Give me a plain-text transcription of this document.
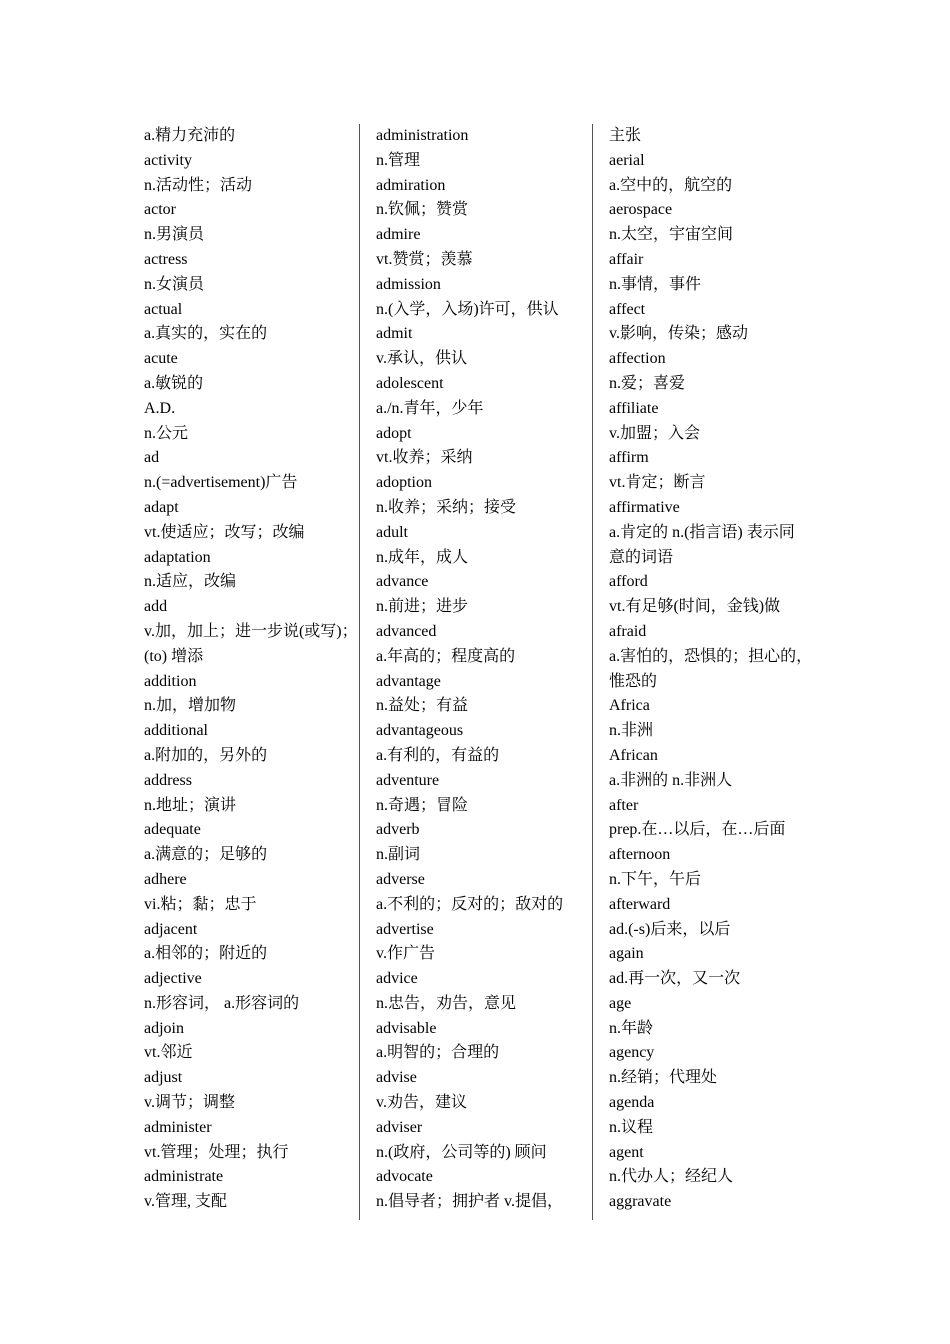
a.精力充沛的
activity
n.活动性；活动
actor
n.男演员
actress
n.女演员
actual
a.真实的，实在的
acute
a.敏锐的
A.D.
n.公元
ad
n.(=advertisement)广告
adapt
vt.使适应；改写；改编
adaptation
n.适应，改编
add
v.加，加上；进一步说(或写)；
(to) 增添
addition
n.加，增加物
additional
a.附加的，另外的
address
n.地址；演讲
adequate
a.满意的；足够的
adhere
vi.粘；黏；忠于
adjacent
a.相邻的；附近的
adjective
n.形容词， a.形容词的
adjoin
vt.邻近
adjust
v.调节；调整
administer
vt.管理；处理；执行
administrate
v.管理, 支配
administration
n.管理
admiration
n.钦佩；赞赏
admire
vt.赞赏；羡慕
admission
n.(入学，入场)许可，供认
admit
v.承认，供认
adolescent
a./n.青年，少年
adopt
vt.收养；采纳
adoption
n.收养；采纳；接受
adult
n.成年，成人
advance
n.前进；进步
advanced
a.年高的；程度高的
advantage
n.益处；有益
advantageous
a.有利的，有益的
adventure
n.奇遇；冒险
adverb
n.副词
adverse
a.不利的；反对的；敌对的
advertise
v.作广告
advice
n.忠告，劝告，意见
advisable
a.明智的；合理的
advise
v.劝告，建议
adviser
n.(政府，公司等的) 顾问
advocate
n.倡导者；拥护者 v.提倡，
主张
aerial
a.空中的，航空的
aerospace
n.太空，宇宙空间
affair
n.事情，事件
affect
v.影响，传染；感动
affection
n.爱；喜爱
affiliate
v.加盟；入会
affirm
vt.肯定；断言
affirmative
a.肯定的 n.(指言语) 表示同
意的词语
afford
vt.有足够(时间，金钱)做
afraid
a.害怕的，恐惧的；担心的，
惟恐的
Africa
n.非洲
African
a.非洲的 n.非洲人
after
prep.在…以后，在…后面
afternoon
n.下午，午后
afterward
ad.(-s)后来，以后
again
ad.再一次，又一次
age
n.年龄
agency
n.经销；代理处
agenda
n.议程
agent
n.代办人；经纪人
aggravate
